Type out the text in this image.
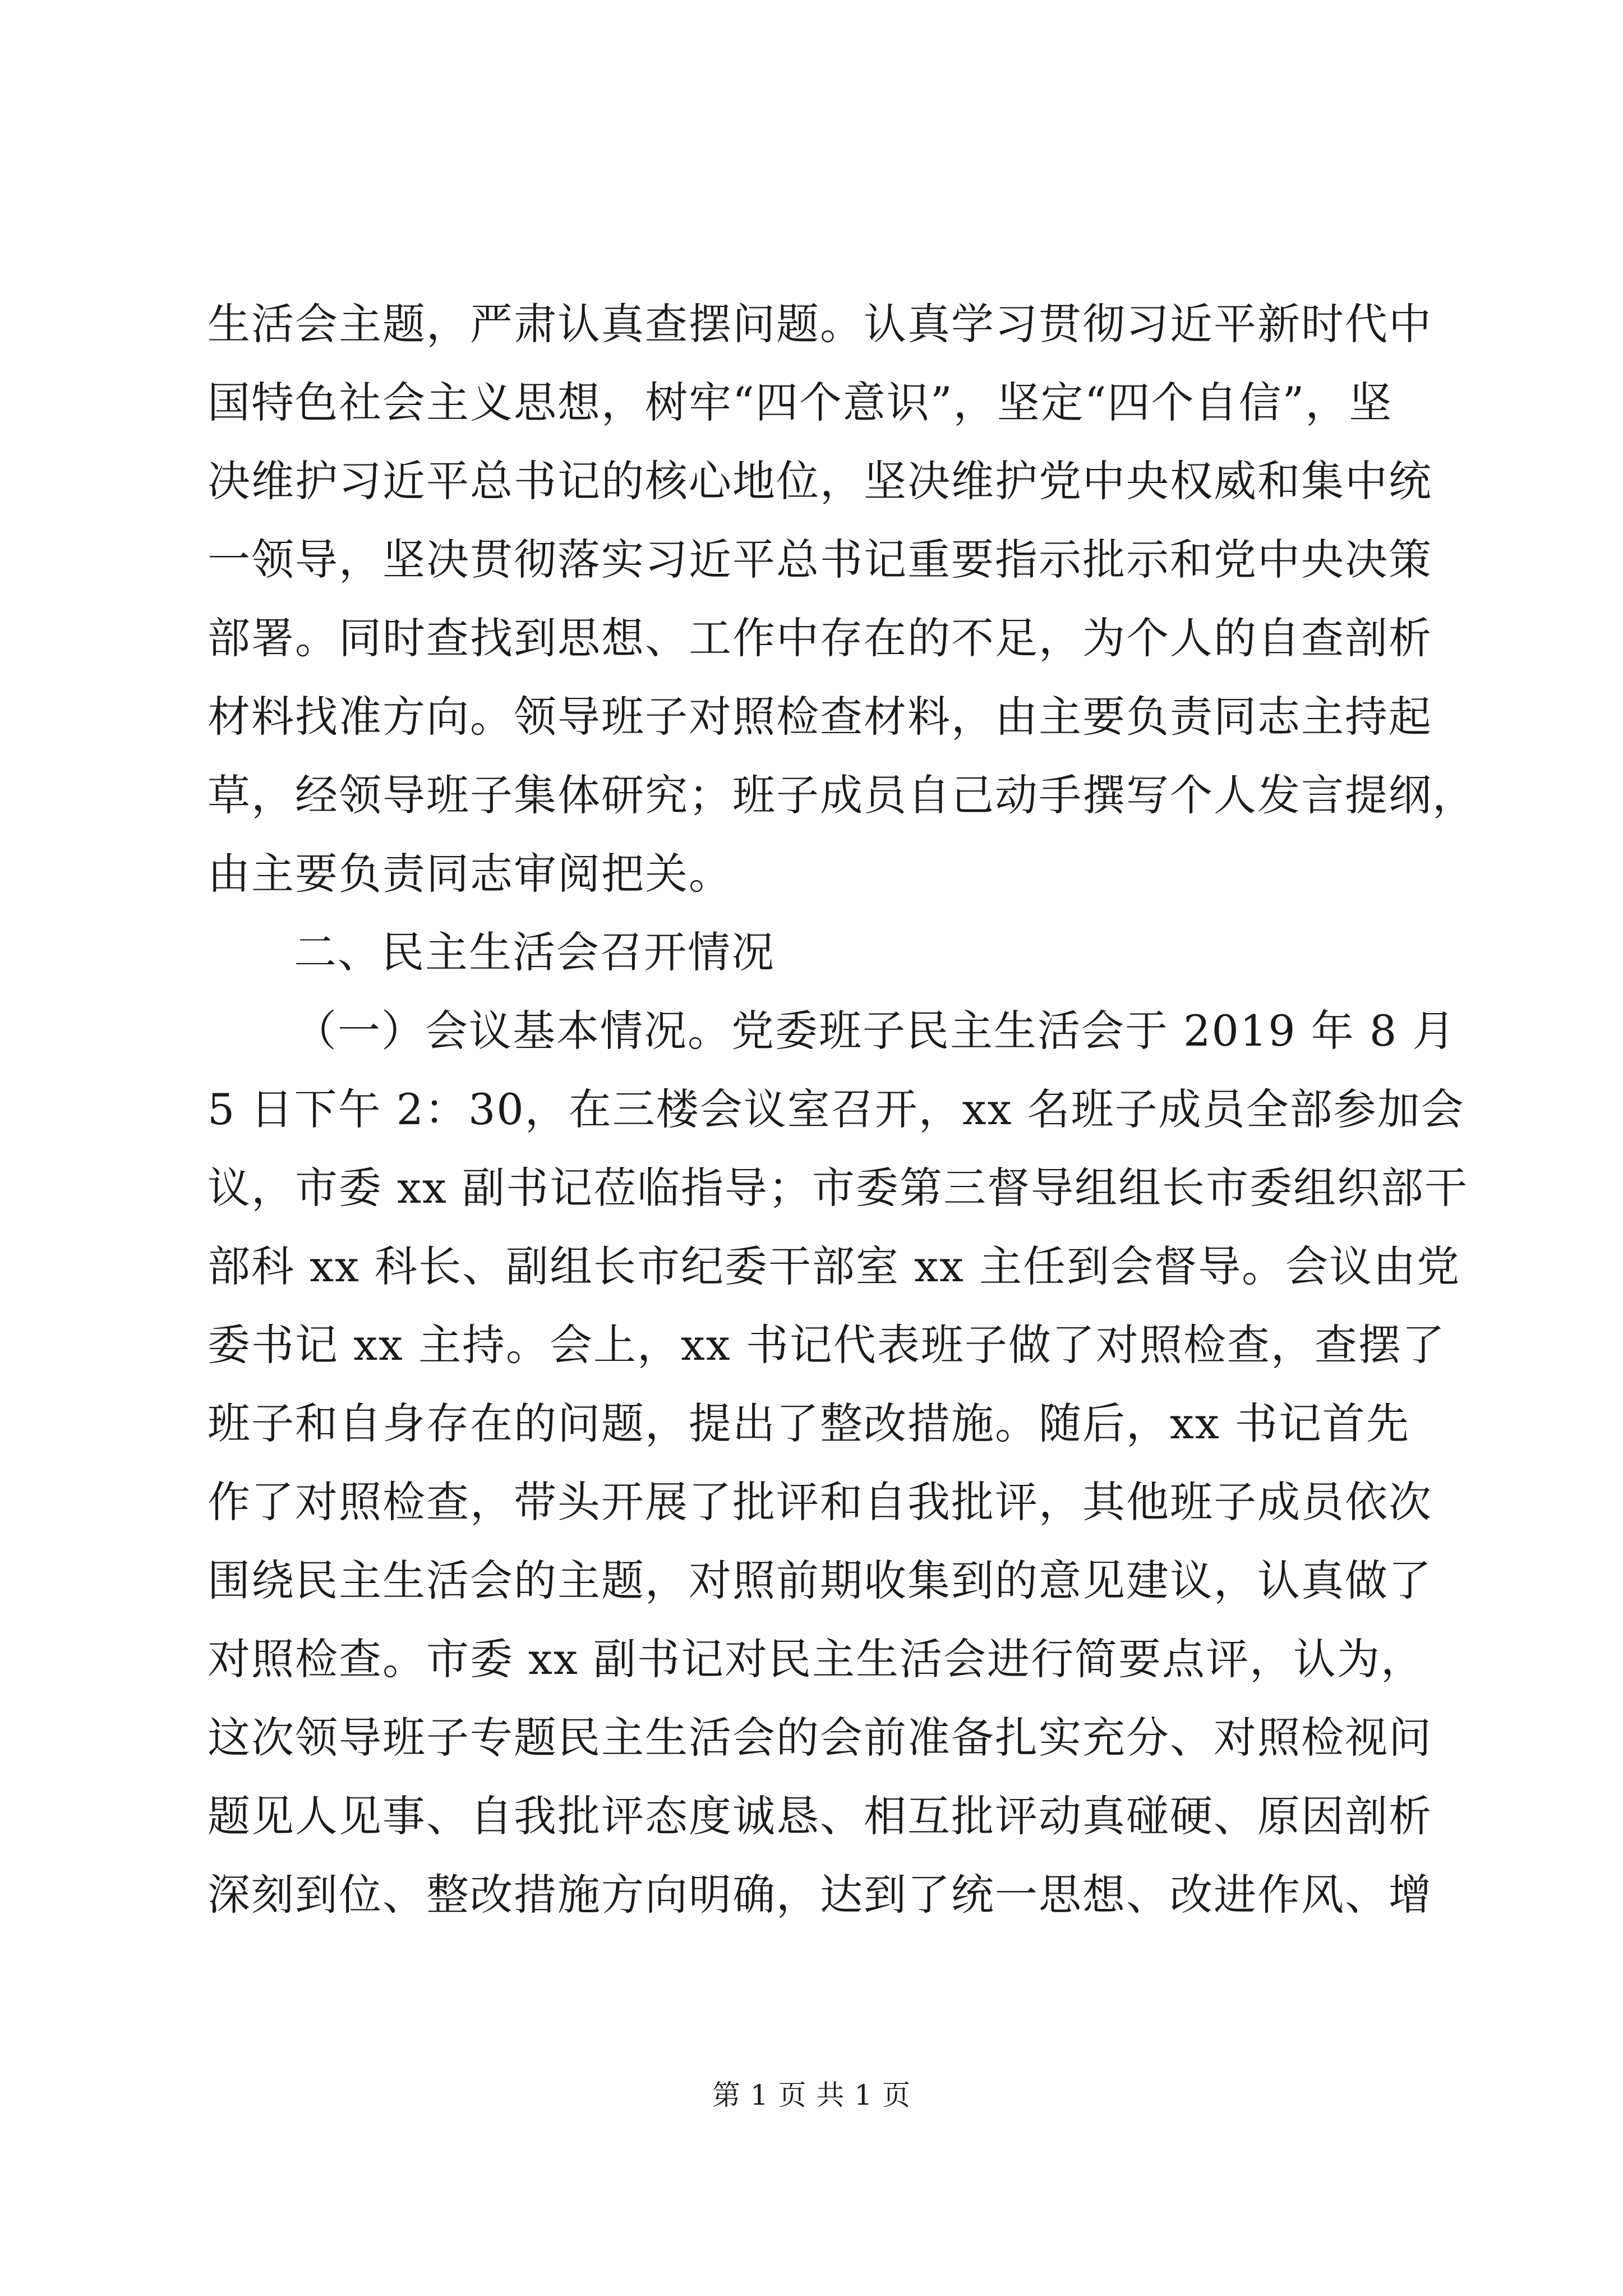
生活会主题，严肃认真查摆问题。认真学习贯彻习近平新时代中
国特色社会主义思想，树牢“四个意识”，坚定“四个自信”，坚
决维护习近平总书记的核心地位，坚决维护党中央权威和集中统
一领导，坚决贯彻落实习近平总书记重要指示批示和党中央决策
部署。同时查找到思想、工作中存在的不足，为个人的自查剖析
材料找准方向。领导班子对照检查材料，由主要负责同志主持起
草，经领导班子集体研究；班子成员自己动手撰写个人发言提纲，
由主要负责同志审阅把关。
二、民主生活会召开情况
（一）会议基本情况。党委班子民主生活会于 2019 年 8 月
5 日下午 2：30，在三楼会议室召开，xx 名班子成员全部参加会
议，市委 xx 副书记莅临指导；市委第三督导组组长市委组织部干
部科 xx 科长、副组长市纪委干部室 xx 主任到会督导。会议由党
委书记 xx 主持。会上，xx 书记代表班子做了对照检查，查摆了
班子和自身存在的问题，提出了整改措施。随后，xx 书记首先
作了对照检查，带头开展了批评和自我批评，其他班子成员依次
围绕民主生活会的主题，对照前期收集到的意见建议，认真做了
对照检查。市委 xx 副书记对民主生活会进行简要点评，认为，
这次领导班子专题民主生活会的会前准备扎实充分、对照检视问
题见人见事、自我批评态度诚恳、相互批评动真碰硬、原因剖析
深刻到位、整改措施方向明确，达到了统一思想、改进作风、增
第 1 页 共 1 页
